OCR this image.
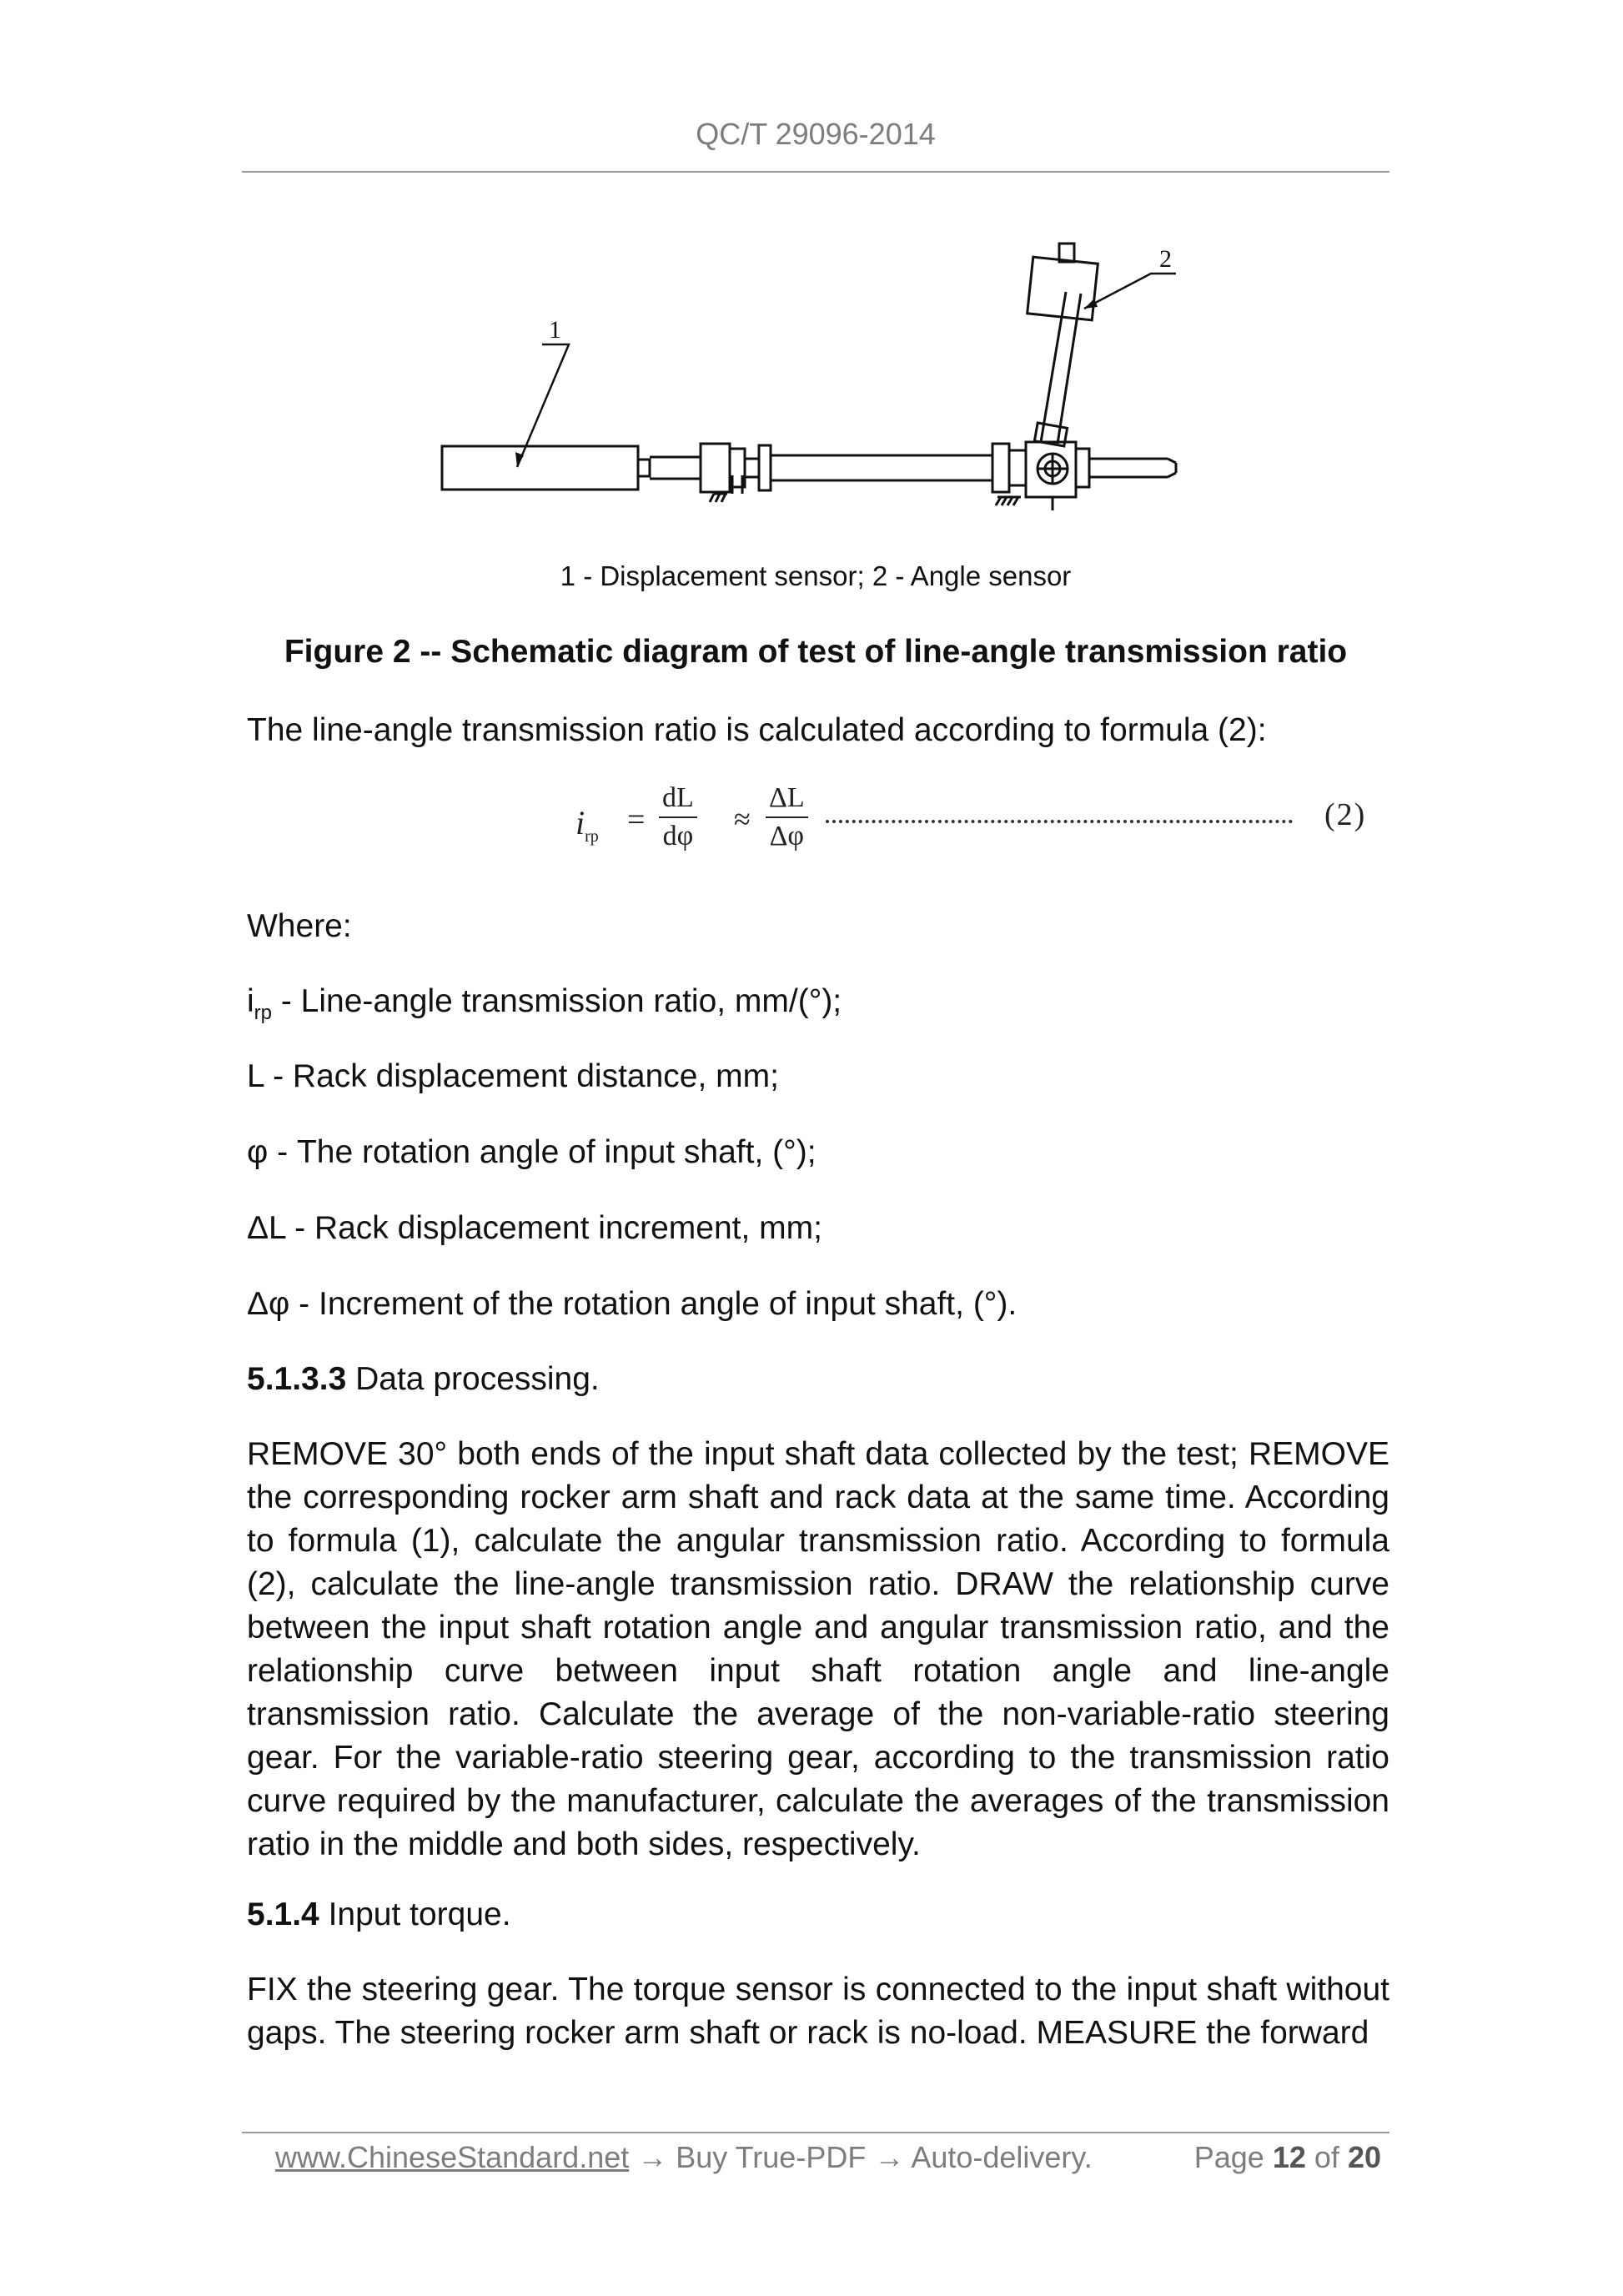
QC/T 29096-2014
1
2
1 - Displacement sensor; 2 - Angle sensor
Figure 2 -- Schematic diagram of test of line-angle transmission ratio

The line-angle transmission ratio is calculated according to formula (2):

$i_{rp} = \frac{dL}{d\varphi} \approx \frac{\Delta L}{\Delta\varphi}$	(2)

Where:

$i_{rp}$ - Line-angle transmission ratio, mm/(°);

L - Rack displacement distance, mm;

φ - The rotation angle of input shaft, (°);

ΔL - Rack displacement increment, mm;

Δφ - Increment of the rotation angle of input shaft, (°).

5.1.3.3 Data processing.

REMOVE 30° both ends of the input shaft data collected by the test; REMOVE the corresponding rocker arm shaft and rack data at the same time. According to formula (1), calculate the angular transmission ratio. According to formula (2), calculate the line-angle transmission ratio. DRAW the relationship curve between the input shaft rotation angle and angular transmission ratio, and the relationship curve between input shaft rotation angle and line-angle transmission ratio. Calculate the average of the non-variable-ratio steering gear. For the variable-ratio steering gear, according to the transmission ratio curve required by the manufacturer, calculate the averages of the transmission ratio in the middle and both sides, respectively.

5.1.4 Input torque.

FIX the steering gear. The torque sensor is connected to the input shaft without gaps. The steering rocker arm shaft or rack is no-load. MEASURE the forward

www.ChineseStandard.net → Buy True-PDF → Auto-delivery.	Page 12 of 20
